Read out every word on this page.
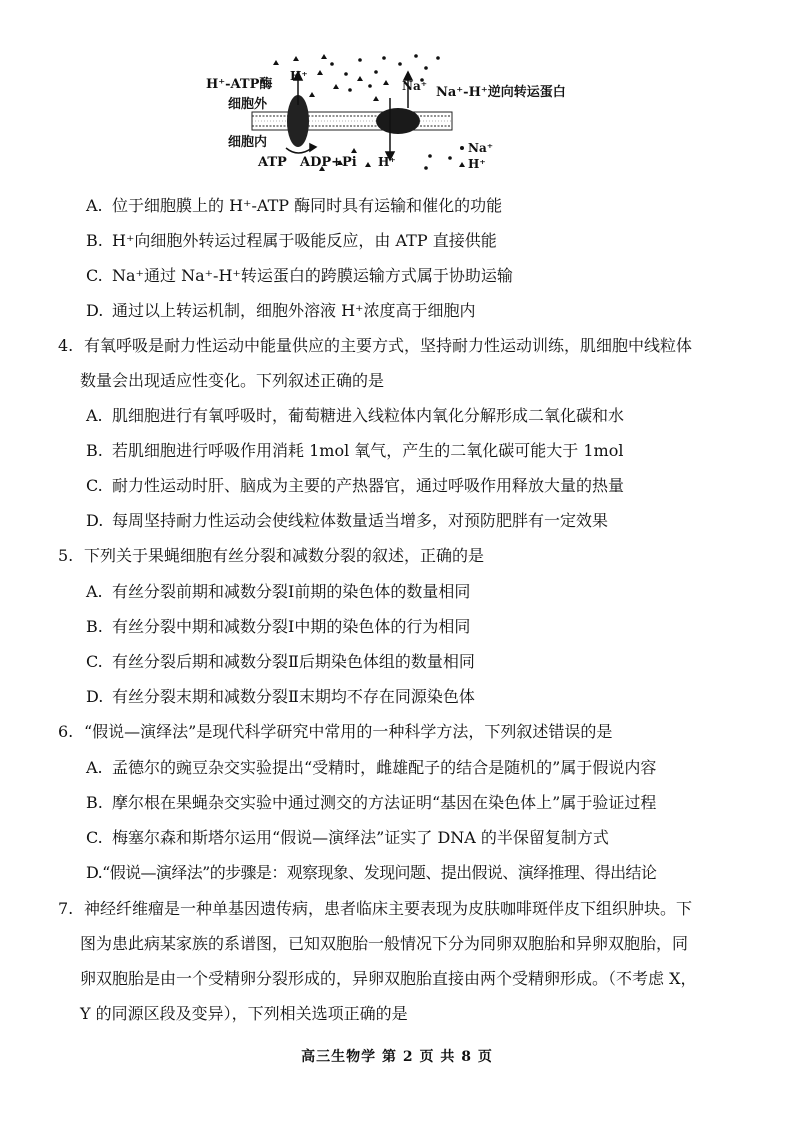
H⁺-ATP酶
细胞外
细胞内
H⁺
Na⁺ Na⁺-H⁺逆向转运蛋白
ATP ADP+Pi H⁺
Na⁺
H⁺
A. 位于细胞膜上的 H⁺-ATP 酶同时具有运输和催化的功能
B. H⁺向细胞外转运过程属于吸能反应，由 ATP 直接供能
C. Na⁺通过 Na⁺-H⁺转运蛋白的跨膜运输方式属于协助运输
D. 通过以上转运机制，细胞外溶液 H⁺浓度高于细胞内
4. 有氧呼吸是耐力性运动中能量供应的主要方式，坚持耐力性运动训练，肌细胞中线粒体
数量会出现适应性变化。下列叙述正确的是
A. 肌细胞进行有氧呼吸时，葡萄糖进入线粒体内氧化分解形成二氧化碳和水
B. 若肌细胞进行呼吸作用消耗 1mol 氧气，产生的二氧化碳可能大于 1mol
C. 耐力性运动时肝、脑成为主要的产热器官，通过呼吸作用释放大量的热量
D. 每周坚持耐力性运动会使线粒体数量适当增多，对预防肥胖有一定效果
5. 下列关于果蝇细胞有丝分裂和减数分裂的叙述，正确的是
A. 有丝分裂前期和减数分裂Ⅰ前期的染色体的数量相同
B. 有丝分裂中期和减数分裂Ⅰ中期的染色体的行为相同
C. 有丝分裂后期和减数分裂Ⅱ后期染色体组的数量相同
D. 有丝分裂末期和减数分裂Ⅱ末期均不存在同源染色体
6. “假说—演绎法”是现代科学研究中常用的一种科学方法，下列叙述错误的是
A. 孟德尔的豌豆杂交实验提出“受精时，雌雄配子的结合是随机的”属于假说内容
B. 摩尔根在果蝇杂交实验中通过测交的方法证明“基因在染色体上”属于验证过程
C. 梅塞尔森和斯塔尔运用“假说—演绎法”证实了 DNA 的半保留复制方式
D.“假说—演绎法”的步骤是：观察现象、发现问题、提出假说、演绎推理、得出结论
7. 神经纤维瘤是一种单基因遗传病，患者临床主要表现为皮肤咖啡斑伴皮下组织肿块。下
图为患此病某家族的系谱图，已知双胞胎一般情况下分为同卵双胞胎和异卵双胞胎，同
卵双胞胎是由一个受精卵分裂形成的，异卵双胞胎直接由两个受精卵形成。（不考虑 X，
Y 的同源区段及变异），下列相关选项正确的是
高三生物学 第 2 页 共 8 页
